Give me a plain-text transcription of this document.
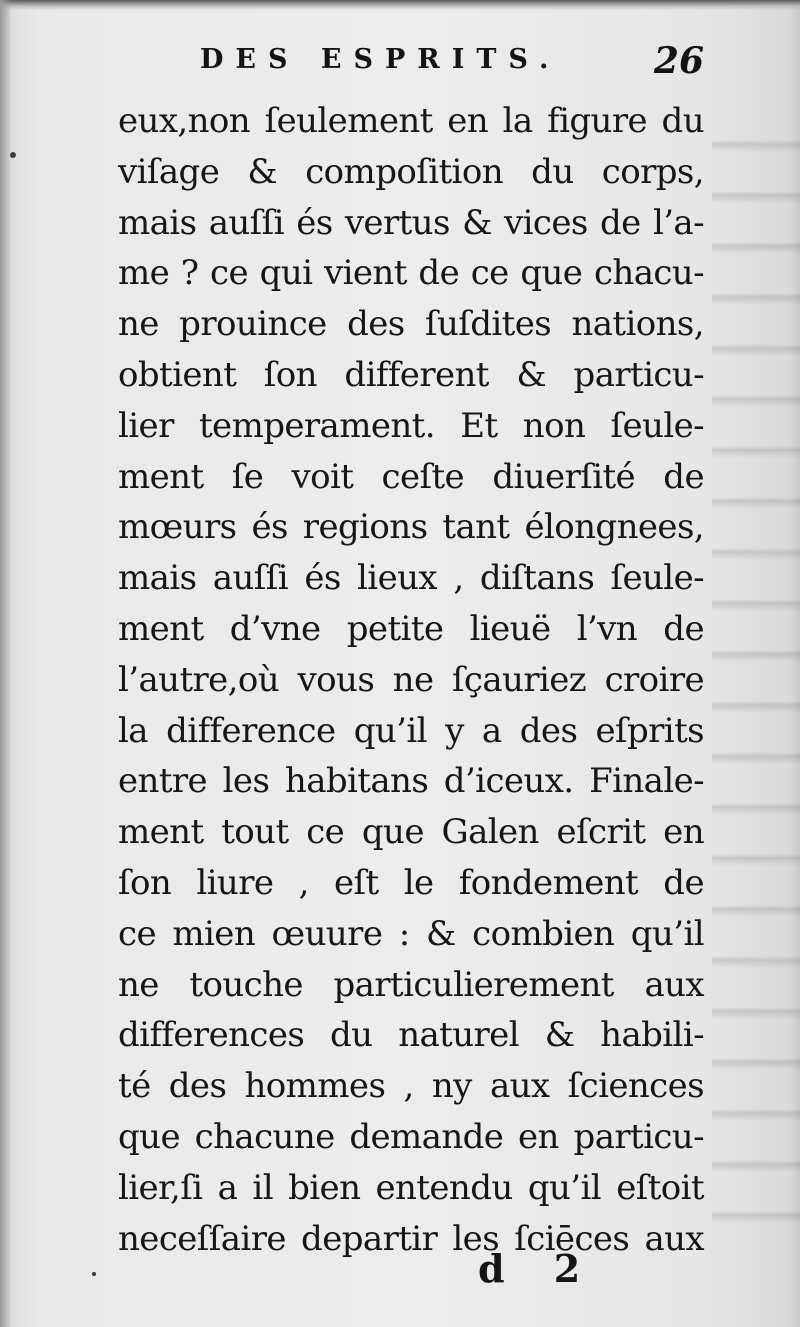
DES ESPRITS.	26
eux,non ſeulement en la figure du
viſage & compoſition du corps,
mais auſſi és vertus & vices de l’a-
me ? ce qui vient de ce que chacu-
ne prouince des ſuſdites nations,
obtient ſon different & particu-
lier temperament. Et non ſeule-
ment ſe voit ceſte diuerſité de
mœurs és regions tant élongnees,
mais auſſi és lieux , diſtans ſeule-
ment d’vne petite lieuë l’vn de
l’autre,où vous ne ſçauriez croire
la difference qu’il y a des eſprits
entre les habitans d’iceux. Finale-
ment tout ce que Galen eſcrit en
ſon liure , eſt le fondement de
ce mien œuure : & combien qu’il
ne touche particulierement aux
differences du naturel & habili-
té des hommes , ny aux ſciences
que chacune demande en particu-
lier,ſi a il bien entendu qu’il eſtoit
neceſſaire departir les ſciēces aux
d 2
